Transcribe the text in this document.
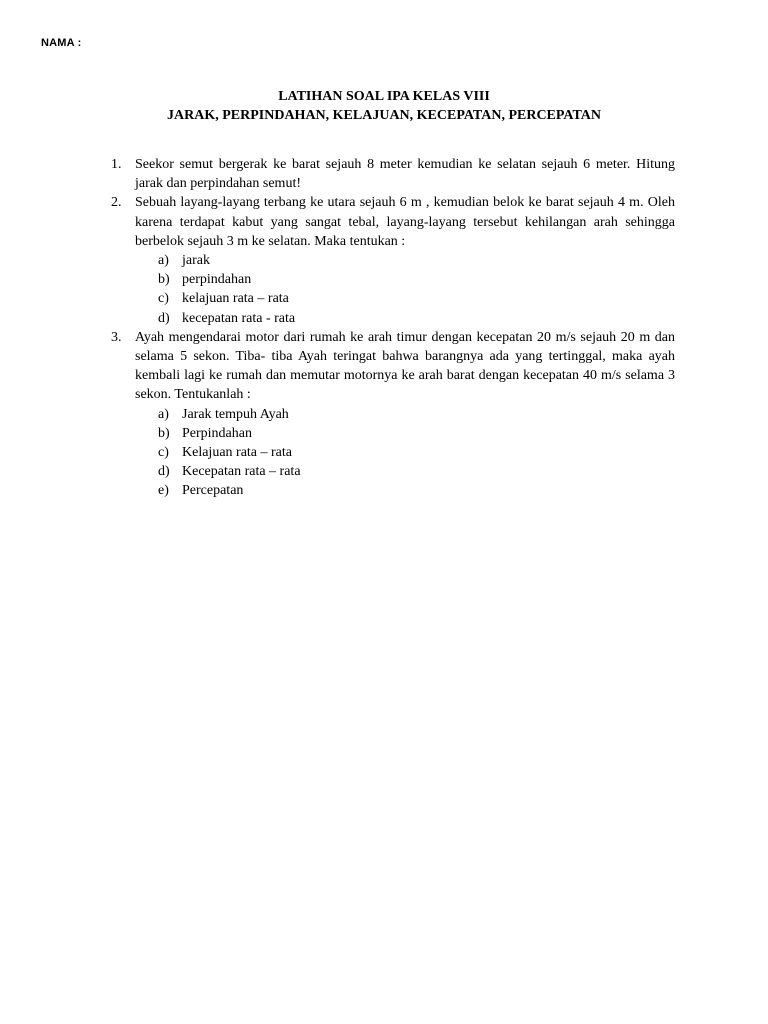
NAMA :
LATIHAN SOAL IPA KELAS VIII
JARAK, PERPINDAHAN, KELAJUAN, KECEPATAN, PERCEPATAN
1. Seekor semut bergerak ke barat sejauh 8 meter kemudian ke selatan sejauh 6 meter. Hitung jarak dan perpindahan semut!
2. Sebuah layang-layang terbang ke utara sejauh 6 m , kemudian belok ke barat sejauh 4 m. Oleh karena terdapat kabut yang sangat tebal, layang-layang tersebut kehilangan arah sehingga berbelok sejauh 3 m ke selatan. Maka tentukan :
a) jarak
b) perpindahan
c) kelajuan rata – rata
d) kecepatan rata - rata
3. Ayah mengendarai motor dari rumah ke arah timur dengan kecepatan 20 m/s sejauh 20 m dan selama 5 sekon. Tiba- tiba Ayah teringat bahwa barangnya ada yang tertinggal, maka ayah kembali lagi ke rumah dan memutar motornya ke arah barat dengan kecepatan 40 m/s selama 3 sekon. Tentukanlah :
a) Jarak tempuh Ayah
b) Perpindahan
c) Kelajuan rata – rata
d) Kecepatan rata – rata
e) Percepatan
